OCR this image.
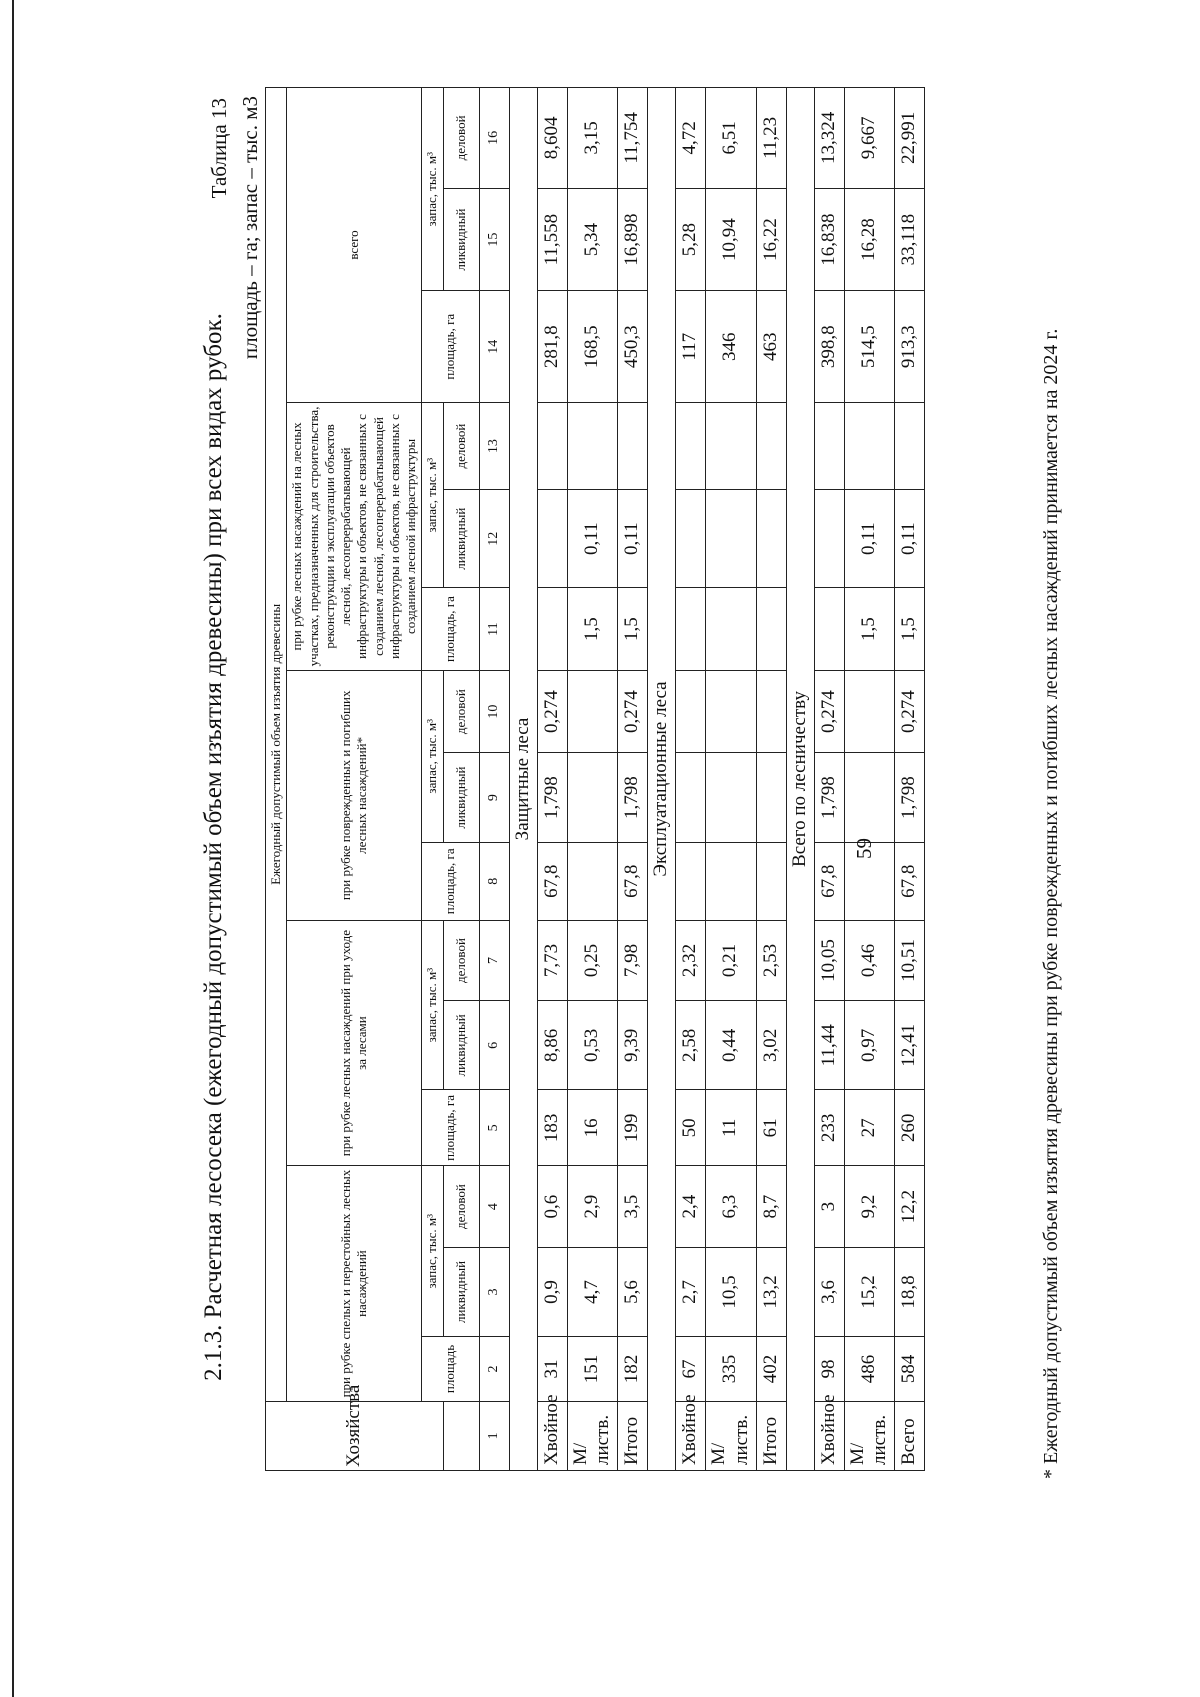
2.1.3. Расчетная лесосека (ежегодный допустимый объем изъятия древесины) при всех видах рубок.
Таблица 13 площадь – га; запас – тыс. м3
Хозяйства	Ежегодный допустимый объем изъятия древесины														
	при рубке спелых и перестойных лесных насаждений			при рубке лесных насаждений при уходе за лесами			при рубке поврежденных и погибших лесных насаждений*			при рубке лесных насаждений на лесных участках, предназначенных для строительства, реконструкции и эксплуатации объектов лесной, лесоперерабатывающей инфраструктуры и объектов, не связанных с созданием лесной, лесоперерабатывающей инфраструктуры и объектов, не связанных с созданием лесной инфраструктуры			всего		
	площадь	запас, тыс. м³		площадь, га	запас, тыс. м³		площадь, га	запас, тыс. м³		площадь, га	запас, тыс. м³		площадь, га	запас, тыс. м³	
		ликвидный	деловой		ликвидный	деловой		ликвидный	деловой		ликвидный	деловой		ликвидный	деловой
1	2	3	4	5	6	7	8	9	10	11	12	13	14	15	16
Защитные леса															
Хвойное	31	0,9	0,6	183	8,86	7,73	67,8	1,798	0,274				281,8	11,558	8,604
М/листв.	151	4,7	2,9	16	0,53	0,25				1,5	0,11		168,5	5,34	3,15
Итого	182	5,6	3,5	199	9,39	7,98	67,8	1,798	0,274	1,5	0,11		450,3	16,898	11,754
Эксплуатационные леса															
Хвойное	67	2,7	2,4	50	2,58	2,32							117	5,28	4,72
М/листв.	335	10,5	6,3	11	0,44	0,21							346	10,94	6,51
Итого	402	13,2	8,7	61	3,02	2,53							463	16,22	11,23
Всего по лесничеству															
Хвойное	98	3,6	3	233	11,44	10,05	67,8	1,798	0,274				398,8	16,838	13,324
М/листв.	486	15,2	9,2	27	0,97	0,46				1,5	0,11		514,5	16,28	9,667
Всего	584	18,8	12,2	260	12,41	10,51	67,8	1,798	0,274	1,5	0,11		913,3	33,118	22,991
59	* Ежегодный допустимый объем изъятия древесины при рубке поврежденных и погибших лесных насаждений принимается на 2024 г.
